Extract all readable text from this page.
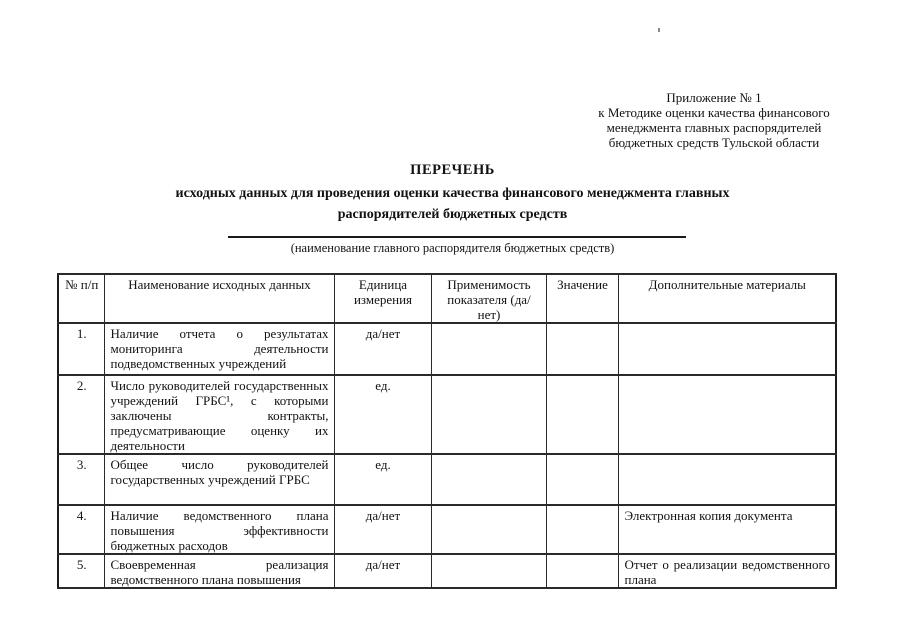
Приложение № 1
к Методике оценки качества финансового
менеджмента главных распорядителей
бюджетных средств Тульской области
ПЕРЕЧЕНЬ
исходных данных для проведения оценки качества финансового менеджмента главных
распорядителей бюджетных средств
(наименование главного распорядителя бюджетных средств)
№ п/п	Наименование исходных данных	Единица измерения	Применимость показателя (да/нет)	Значение	Дополнительные материалы
1.	Наличие отчета о результатах мониторинга деятельности подведомственных учреждений	да/нет			
2.	Число руководителей государственных учреждений ГРБС¹, с которыми заключены контракты, предусматривающие оценку их деятельности	ед.			
3.	Общее число руководителей государственных учреждений ГРБС	ед.			
4.	Наличие ведомственного плана повышения эффективности бюджетных расходов	да/нет			Электронная копия документа
5.	Своевременная реализация ведомственного плана повышения	да/нет			Отчет о реализации ведомственного плана
